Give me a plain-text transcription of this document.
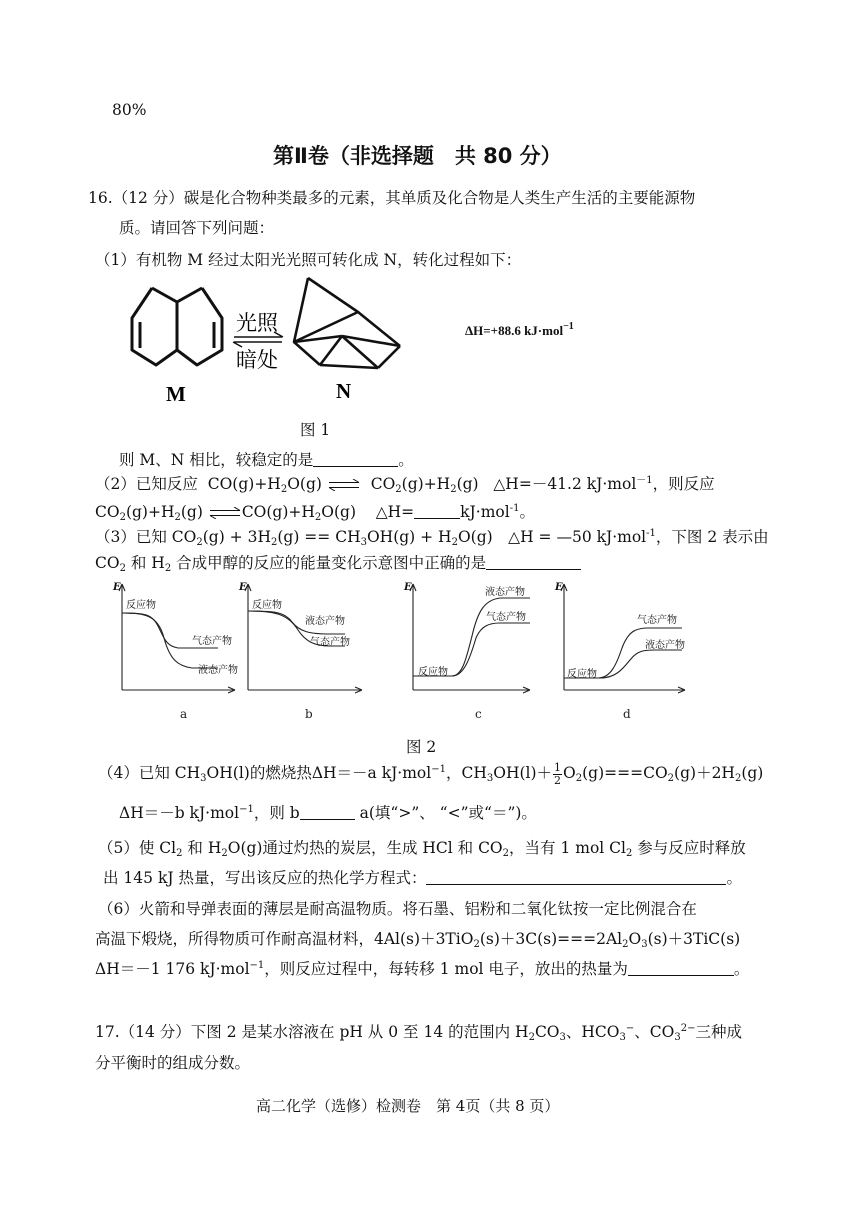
80%
第Ⅱ卷（非选择题　共 80 分）
16.（12 分）碳是化合物种类最多的元素，其单质及化合物是人类生产生活的主要能源物
质。请回答下列问题：
（1）有机物 M 经过太阳光光照可转化成 N，转化过程如下：
M
光照
暗处
N
ΔH=+88.6 kJ·mol$^{-1}$
图 1
则 M、N 相比，较稳定的是	。
（2）已知反应 $CO(g)+H_2O(g)$ ⇌ $CO_2(g)+H_2(g)$   △H=－41.2 kJ·mol$^{-1}$，则反应
$CO_2(g)+H_2(g)$ $\rightleftharpoons CO(g)+H_2O(g)$    △H=	kJ·mol$^{-1}$。
（3）已知 $CO_2(g) + 3H_2(g) == CH_3OH(g) + H_2O(g)$　△H = —50 kJ·mol$^{-1}$，下图 2 表示由
$CO_2$ 和 $H_2$ 合成甲醇的反应的能量变化示意图中正确的是
E
反应物
气态产物
液态产物
E
反应物
液态产物
气态产物
E	液态产物
气态产物
反应物
E
气态产物
液态产物
反应物
a	b	c	d
图 2
（4）已知 $CH_3OH(l)$的燃烧热ΔH＝－a kJ·mol$^{-1}$，$CH_3OH(l)+ \frac{1}{2} O_2(g)===CO_2(g)+2H_2(g)$
ΔH＝－b kJ·mol$^{-1}$，则 b	a(填“>”、 “<”或“＝”)。
（5）使 $Cl_2$ 和 $H_2O(g)$通过灼热的炭层，生成 HCl 和 $CO_2$，当有 1 mol $Cl_2$ 参与反应时释放
出 145 kJ 热量，写出该反应的热化学方程式：	。
（6）火箭和导弹表面的薄层是耐高温物质。将石墨、铝粉和二氧化钛按一定比例混合在
高温下煅烧，所得物质可作耐高温材料，$4Al(s)+3TiO_2(s)+3C(s)===2Al_2O_3(s)+3TiC(s)$
ΔH＝－1 176 kJ·mol$^{-1}$，则反应过程中，每转移 1 mol 电子，放出的热量为	。
17.（14 分）下图 2 是某水溶液在 pH 从 0 至 14 的范围内 $H_2CO_3$、$HCO_3^-$、$CO_3^{2-}$三种成
分平衡时的组成分数。
高二化学（选修）检测卷　第 4页（共 8 页）
